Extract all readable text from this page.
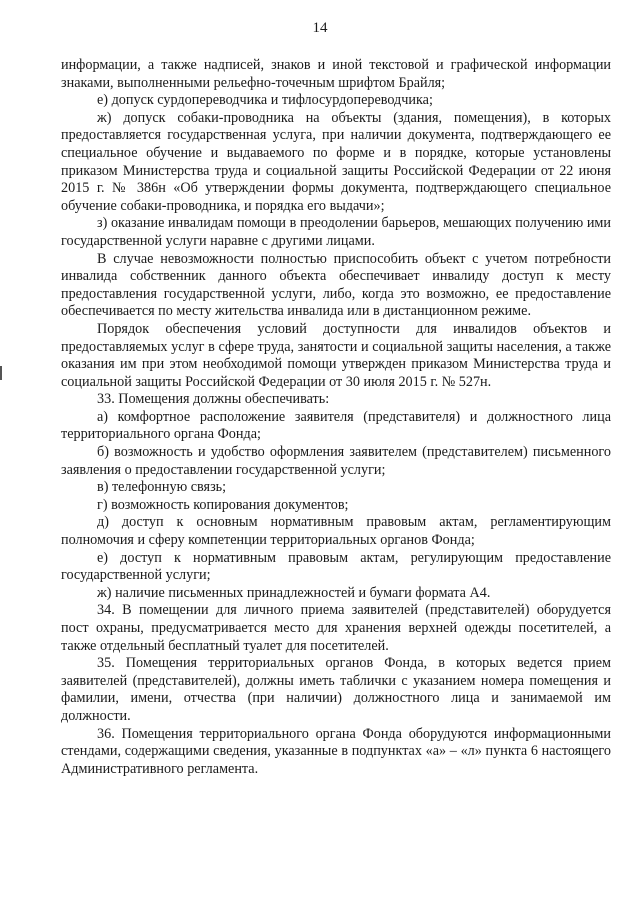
14

информации, а также надписей, знаков и иной текстовой и графической информации знаками, выполненными рельефно-точечным шрифтом Брайля;

е) допуск сурдопереводчика и тифлосурдопереводчика;

ж) допуск собаки-проводника на объекты (здания, помещения), в которых предоставляется государственная услуга, при наличии документа, подтверждающего ее специальное обучение и выдаваемого по форме и в порядке, которые установлены приказом Министерства труда и социальной защиты Российской Федерации от 22 июня 2015 г. № 386н «Об утверждении формы документа, подтверждающего специальное обучение собаки-проводника, и порядка его выдачи»;

з) оказание инвалидам помощи в преодолении барьеров, мешающих получению ими государственной услуги наравне с другими лицами.

В случае невозможности полностью приспособить объект с учетом потребности инвалида собственник данного объекта обеспечивает инвалиду доступ к месту предоставления государственной услуги, либо, когда это возможно, ее предоставление обеспечивается по месту жительства инвалида или в дистанционном режиме.

Порядок обеспечения условий доступности для инвалидов объектов и предоставляемых услуг в сфере труда, занятости и социальной защиты населения, а также оказания им при этом необходимой помощи утвержден приказом Министерства труда и социальной защиты Российской Федерации от 30 июля 2015 г. № 527н.

33. Помещения должны обеспечивать:

а) комфортное расположение заявителя (представителя) и должностного лица территориального органа Фонда;

б) возможность и удобство оформления заявителем (представителем) письменного заявления о предоставлении государственной услуги;

в) телефонную связь;

г) возможность копирования документов;

д) доступ к основным нормативным правовым актам, регламентирующим полномочия и сферу компетенции территориальных органов Фонда;

е) доступ к нормативным правовым актам, регулирующим предоставление государственной услуги;

ж) наличие письменных принадлежностей и бумаги формата А4.

34. В помещении для личного приема заявителей (представителей) оборудуется пост охраны, предусматривается место для хранения верхней одежды посетителей, а также отдельный бесплатный туалет для посетителей.

35. Помещения территориальных органов Фонда, в которых ведется прием заявителей (представителей), должны иметь таблички с указанием номера помещения и фамилии, имени, отчества (при наличии) должностного лица и занимаемой им должности.

36. Помещения территориального органа Фонда оборудуются информационными стендами, содержащими сведения, указанные в подпунктах «а» – «л» пункта 6 настоящего Административного регламента.
